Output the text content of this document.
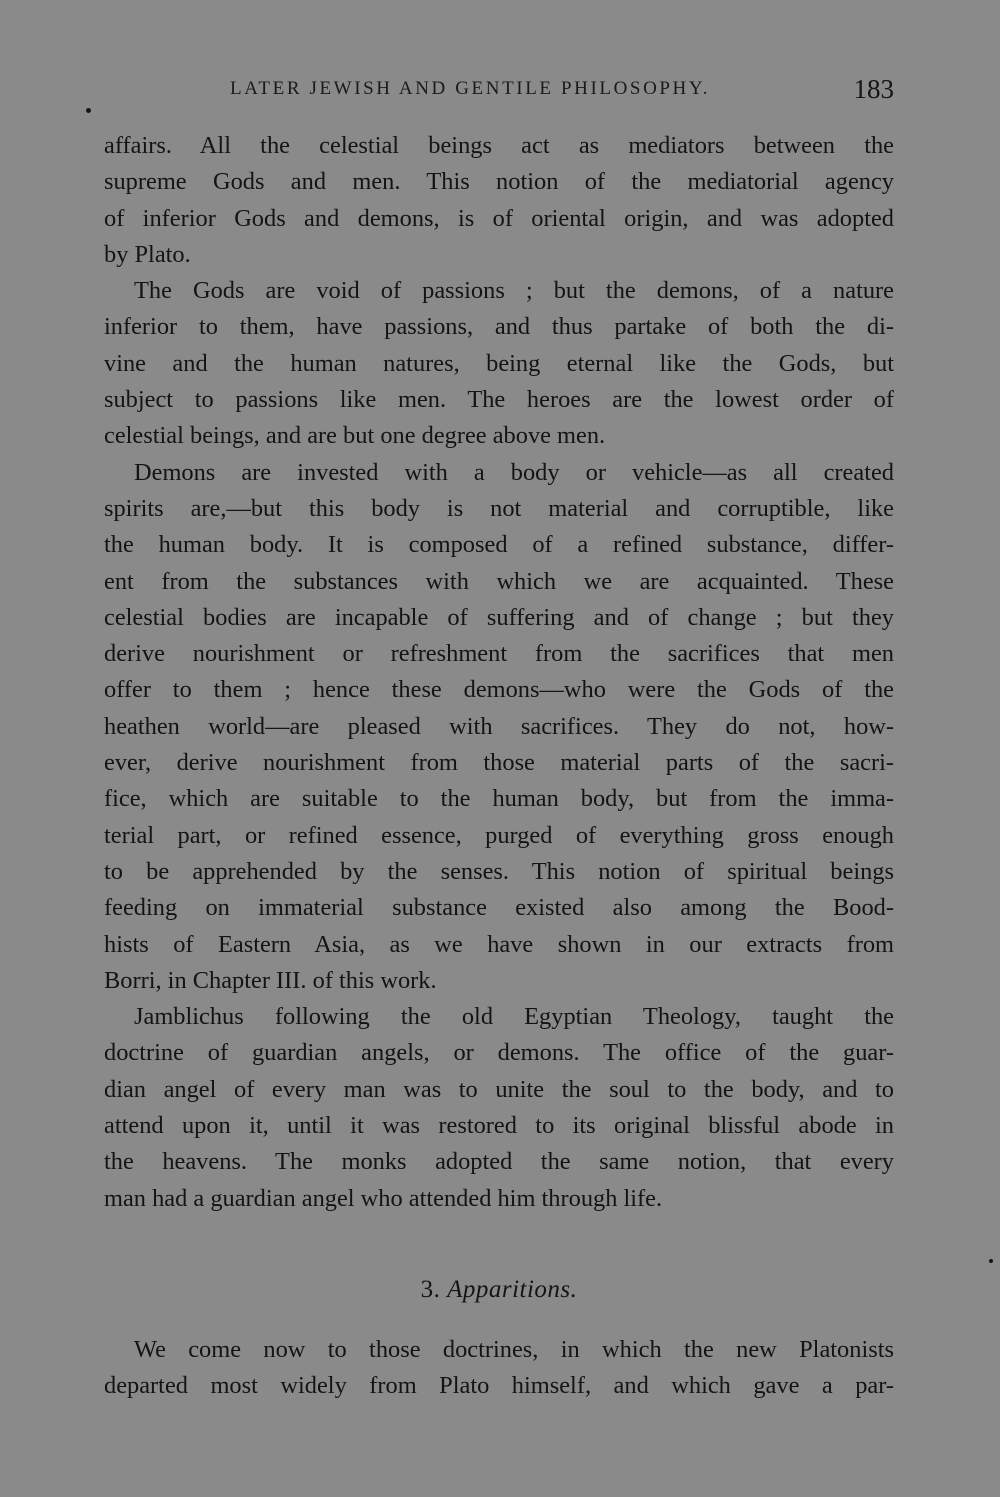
LATER JEWISH AND GENTILE PHILOSOPHY.	183
affairs. All the celestial beings act as mediators between the
supreme Gods and men. This notion of the mediatorial agency
of inferior Gods and demons, is of oriental origin, and was adopted
by Plato.
The Gods are void of passions ; but the demons, of a nature
inferior to them, have passions, and thus partake of both the di-
vine and the human natures, being eternal like the Gods, but
subject to passions like men. The heroes are the lowest order of
celestial beings, and are but one degree above men.
Demons are invested with a body or vehicle—as all created
spirits are,—but this body is not material and corruptible, like
the human body. It is composed of a refined substance, differ-
ent from the substances with which we are acquainted. These
celestial bodies are incapable of suffering and of change ; but they
derive nourishment or refreshment from the sacrifices that men
offer to them ; hence these demons—who were the Gods of the
heathen world—are pleased with sacrifices. They do not, how-
ever, derive nourishment from those material parts of the sacri-
fice, which are suitable to the human body, but from the imma-
terial part, or refined essence, purged of everything gross enough
to be apprehended by the senses. This notion of spiritual beings
feeding on immaterial substance existed also among the Bood-
hists of Eastern Asia, as we have shown in our extracts from
Borri, in Chapter III. of this work.
Jamblichus following the old Egyptian Theology, taught the
doctrine of guardian angels, or demons. The office of the guar-
dian angel of every man was to unite the soul to the body, and to
attend upon it, until it was restored to its original blissful abode in
the heavens. The monks adopted the same notion, that every
man had a guardian angel who attended him through life.
3. Apparitions.
We come now to those doctrines, in which the new Platonists
departed most widely from Plato himself, and which gave a par-
